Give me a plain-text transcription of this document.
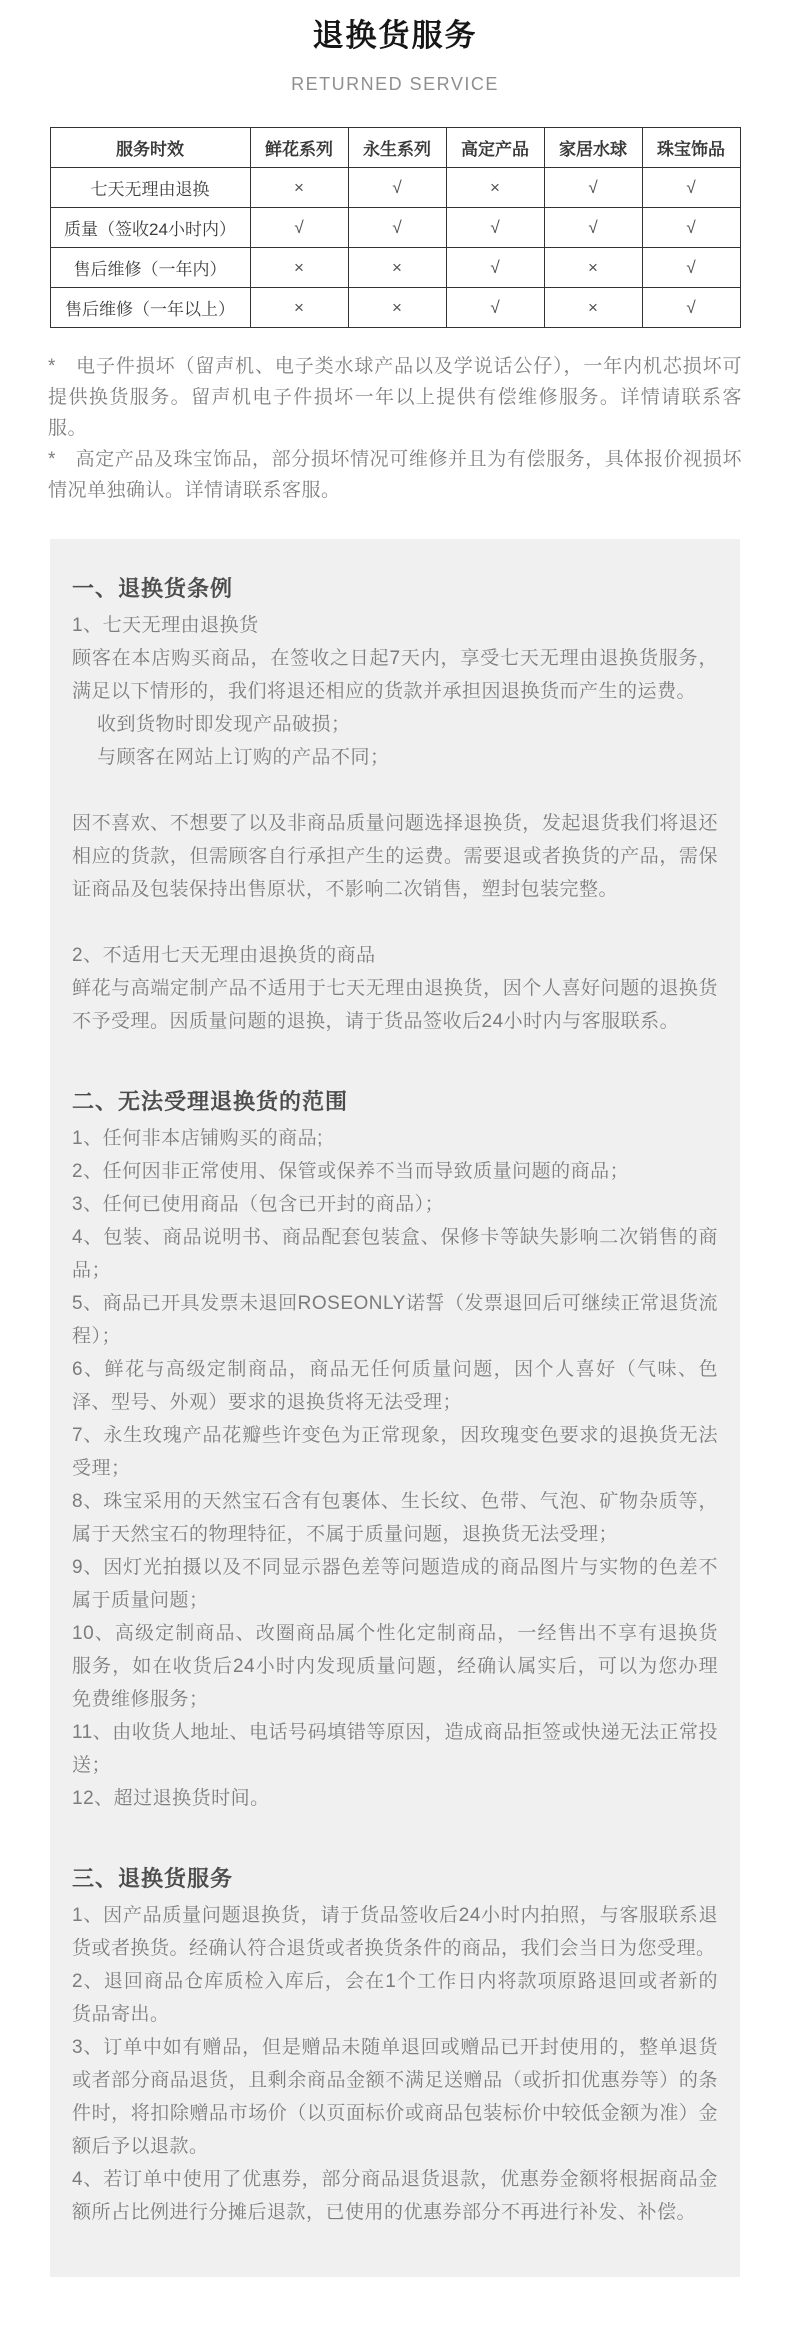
退换货服务
RETURNED SERVICE
服务时效	鲜花系列	永生系列	高定产品	家居水球	珠宝饰品
七天无理由退换	×	√	×	√	√
质量（签收24小时内）	√	√	√	√	√
售后维修（一年内）	×	×	√	×	√
售后维修（一年以上）	×	×	√	×	√

*　电子件损坏（留声机、电子类水球产品以及学说话公仔），一年内机芯损坏可提供换货服务。留声机电子件损坏一年以上提供有偿维修服务。详情请联系客服。

*　高定产品及珠宝饰品，部分损坏情况可维修并且为有偿服务，具体报价视损坏情况单独确认。详情请联系客服。

一、退换货条例

1、七天无理由退换货

顾客在本店购买商品，在签收之日起7天内，享受七天无理由退换货服务，满足以下情形的，我们将退还相应的货款并承担因退换货而产生的运费。

收到货物时即发现产品破损；

与顾客在网站上订购的产品不同；

因不喜欢、不想要了以及非商品质量问题选择退换货，发起退货我们将退还相应的货款，但需顾客自行承担产生的运费。需要退或者换货的产品，需保证商品及包装保持出售原状，不影响二次销售，塑封包装完整。

2、不适用七天无理由退换货的商品

鲜花与高端定制产品不适用于七天无理由退换货，因个人喜好问题的退换货不予受理。因质量问题的退换，请于货品签收后24小时内与客服联系。

二、无法受理退换货的范围

1、任何非本店铺购买的商品;

2、任何因非正常使用、保管或保养不当而导致质量问题的商品；

3、任何已使用商品（包含已开封的商品）；

4、包装、商品说明书、商品配套包装盒、保修卡等缺失影响二次销售的商品；

5、商品已开具发票未退回ROSEONLY诺誓（发票退回后可继续正常退货流程）；

6、鲜花与高级定制商品，商品无任何质量问题，因个人喜好（气味、色泽、型号、外观）要求的退换货将无法受理；

7、永生玫瑰产品花瓣些许变色为正常现象，因玫瑰变色要求的退换货无法受理；

8、珠宝采用的天然宝石含有包裹体、生长纹、色带、气泡、矿物杂质等，属于天然宝石的物理特征，不属于质量问题，退换货无法受理；

9、因灯光拍摄以及不同显示器色差等问题造成的商品图片与实物的色差不属于质量问题；

10、高级定制商品、改圈商品属个性化定制商品，一经售出不享有退换货服务，如在收货后24小时内发现质量问题，经确认属实后，可以为您办理免费维修服务；

11、由收货人地址、电话号码填错等原因，造成商品拒签或快递无法正常投送；

12、超过退换货时间。

三、退换货服务

1、因产品质量问题退换货，请于货品签收后24小时内拍照，与客服联系退货或者换货。经确认符合退货或者换货条件的商品，我们会当日为您受理。

2、退回商品仓库质检入库后，会在1个工作日内将款项原路退回或者新的货品寄出。

3、订单中如有赠品，但是赠品未随单退回或赠品已开封使用的，整单退货或者部分商品退货，且剩余商品金额不满足送赠品（或折扣优惠券等）的条件时，将扣除赠品市场价（以页面标价或商品包装标价中较低金额为准）金额后予以退款。

4、若订单中使用了优惠券，部分商品退货退款，优惠券金额将根据商品金额所占比例进行分摊后退款，已使用的优惠券部分不再进行补发、补偿。
